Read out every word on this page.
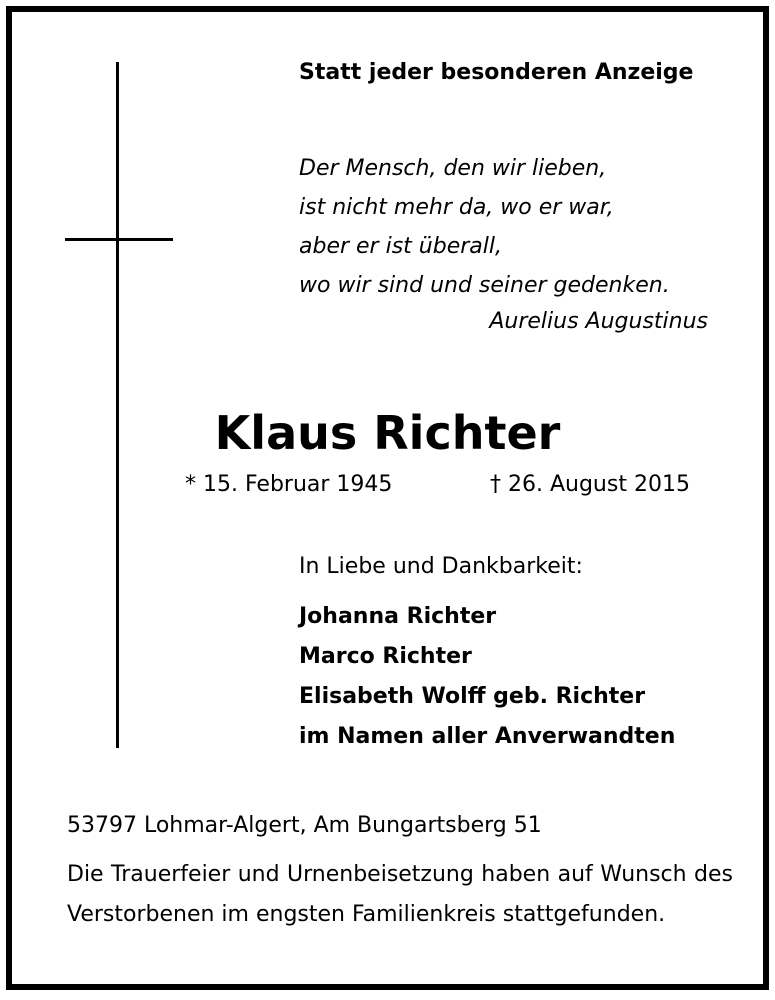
Statt jeder besonderen Anzeige
Der Mensch, den wir lieben,
ist nicht mehr da, wo er war,
aber er ist überall,
wo wir sind und seiner gedenken.
Aurelius Augustinus
Klaus Richter
* 15. Februar 1945	† 26. August 2015
In Liebe und Dankbarkeit:
Johanna Richter
Marco Richter
Elisabeth Wolff geb. Richter
im Namen aller Anverwandten
53797 Lohmar-Algert, Am Bungartsberg 51
Die Trauerfeier und Urnenbeisetzung haben auf Wunsch des Verstorbenen im engsten Familienkreis stattgefunden.
